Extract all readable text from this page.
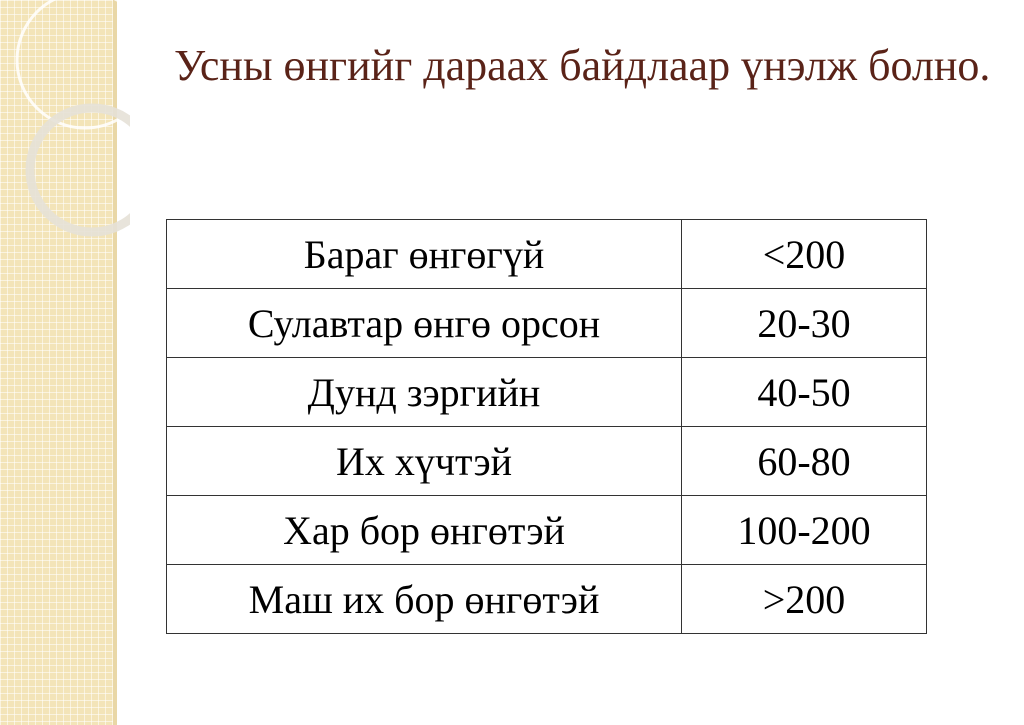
Усны өнгийг дараах байдлаар үнэлж болно.
Бараг өнгөгүй	<200
Сулавтар өнгө орсон	20-30
Дунд зэргийн	40-50
Их хүчтэй	60-80
Хар бор өнгөтэй	100-200
Маш их бор өнгөтэй	>200
